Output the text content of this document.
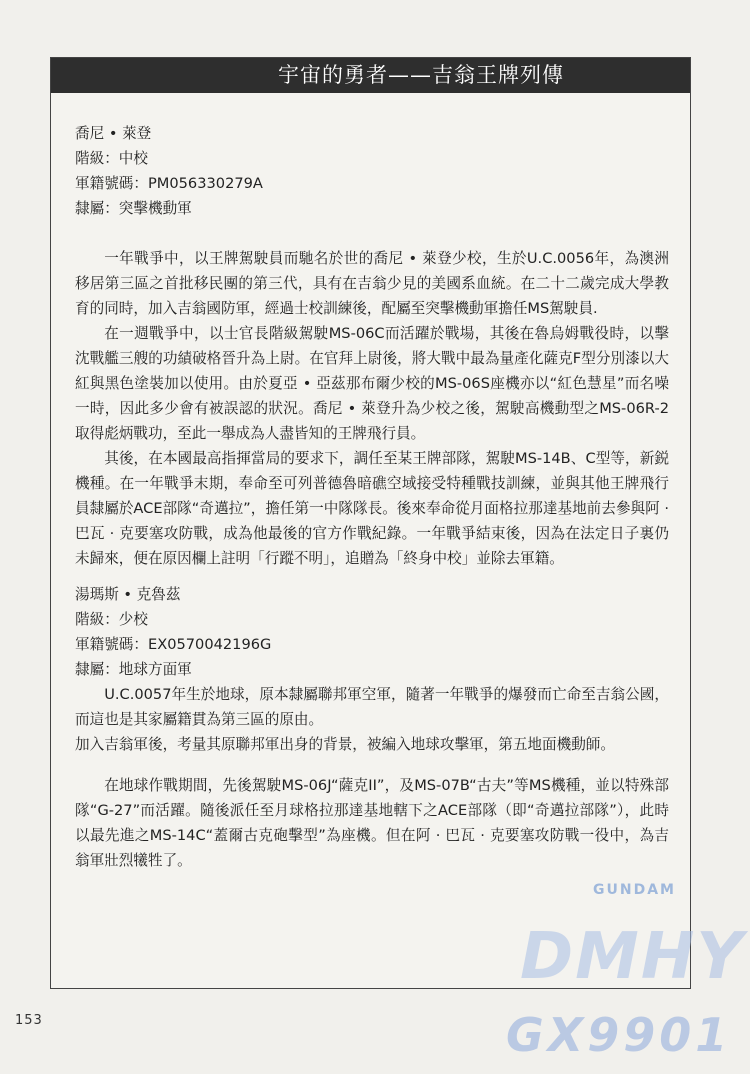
宇宙的勇者——吉翁王牌列傳
喬尼 • 萊登
階級：中校
軍籍號碼：PM056330279A
隸屬：突擊機動軍

一年戰爭中，以王牌駕駛員而馳名於世的喬尼 • 萊登少校，生於U.C.0056年，為澳洲移居第三區之首批移民團的第三代，具有在吉翁少見的美國系血統。在二十二歲完成大學教育的同時，加入吉翁國防軍，經過士校訓練後，配屬至突擊機動軍擔任MS駕駛員.

在一週戰爭中，以士官長階級駕駛MS-06C而活躍於戰場，其後在魯烏姆戰役時，以擊沈戰艦三艘的功績破格晉升為上尉。在官拜上尉後，將大戰中最為量產化薩克F型分別漆以大紅與黑色塗裝加以使用。由於夏亞 • 亞茲那布爾少校的MS-06S座機亦以“紅色慧星”而名噪一時，因此多少會有被誤認的狀況。喬尼 • 萊登升為少校之後，駕駛高機動型之MS-06R-2取得彪炳戰功，至此一舉成為人盡皆知的王牌飛行員。

其後，在本國最高指揮當局的要求下，調任至某王牌部隊，駕駛MS-14B、C型等，新鋭機種。在一年戰爭末期，奉命至可列普德魯暗礁空域接受特種戰技訓練，並與其他王牌飛行員隸屬於ACE部隊“奇邁拉”，擔任第一中隊隊長。後來奉命從月面格拉那達基地前去參與阿 · 巴瓦 · 克要塞攻防戰，成為他最後的官方作戰紀錄。一年戰爭結束後，因為在法定日子裏仍未歸來，便在原因欄上註明「行蹤不明」，追贈為「終身中校」並除去軍籍。

湯瑪斯 • 克魯茲
階級：少校
軍籍號碼：EX0570042196G
隸屬：地球方面軍

U.C.0057年生於地球，原本隸屬聯邦軍空軍，隨著一年戰爭的爆發而亡命至吉翁公國，而這也是其家屬籍貫為第三區的原由。

加入吉翁軍後，考量其原聯邦軍出身的背景，被編入地球攻擊軍，第五地面機動師。

在地球作戰期間，先後駕駛MS-06J“薩克II”，及MS-07B“古夫”等MS機種，並以特殊部隊“G-27”而活躍。隨後派任至月球格拉那達基地轄下之ACE部隊（即“奇邁拉部隊”），此時以最先進之MS-14C“蓋爾古克砲擊型”為座機。但在阿 · 巴瓦 · 克要塞攻防戰一役中，為吉翁軍壯烈犧牲了。

153
GUNDAM
DMHY
GX9901
